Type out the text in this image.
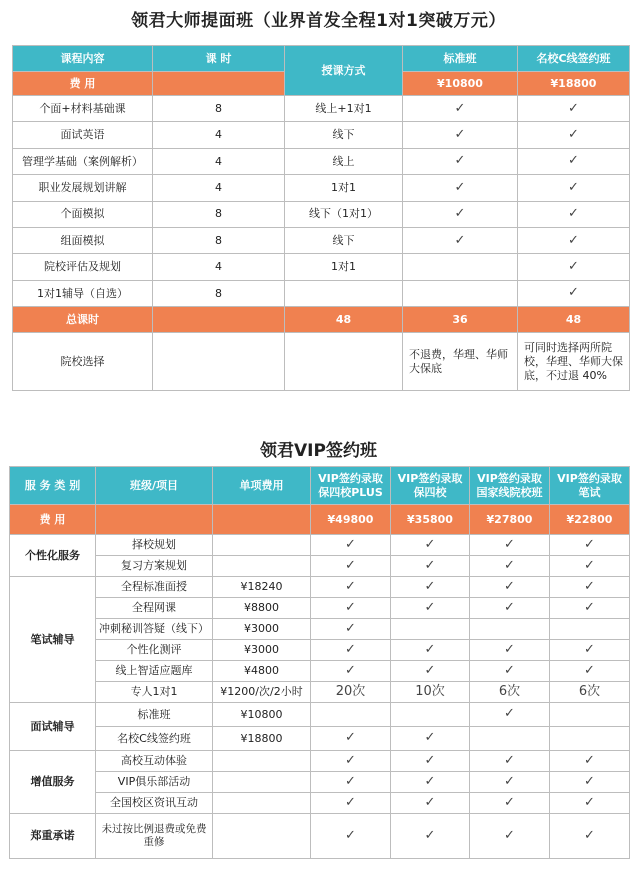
领君大师提面班（业界首发全程1对1突破万元）
课程内容	课 时	授课方式	标准班	名校C线签约班
费 用			¥10800	¥18800
个面+材料基础课	8	线上+1对1	✓	✓
面试英语	4	线下	✓	✓
管理学基础（案例解析）	4	线上	✓	✓
职业发展规划讲解	4	1对1	✓	✓
个面模拟	8	线下（1对1）	✓	✓
组面模拟	8	线下	✓	✓
院校评估及规划	4	1对1		✓
1对1辅导（自选）	8			✓
总课时		48	36	48
院校选择			不退费，华理、华师大保底	可同时选择两所院校，华理、华师大保底，不过退 40%
领君VIP签约班
服 务 类 别	班级/项目	单项费用	VIP签约录取保四校PLUS	VIP签约录取保四校	VIP签约录取国家线院校班	VIP签约录取笔试
费 用			¥49800	¥35800	¥27800	¥22800
个性化服务	择校规划		✓	✓	✓	✓
	复习方案规划		✓	✓	✓	✓
笔试辅导	全程标准面授	¥18240	✓	✓	✓	✓
	全程网课	¥8800	✓	✓	✓	✓
	冲刺秘训答疑（线下）	¥3000	✓			
	个性化测评	¥3000	✓	✓	✓	✓
	线上智适应题库	¥4800	✓	✓	✓	✓
	专人1对1	¥1200/次/2小时	20次	10次	6次	6次
面试辅导	标准班	¥10800			✓	
	名校C线签约班	¥18800	✓	✓		
增值服务	高校互动体验		✓	✓	✓	✓
	VIP俱乐部活动		✓	✓	✓	✓
	全国校区资讯互动		✓	✓	✓	✓
郑重承诺	未过按比例退费或免费重修		✓	✓	✓	✓
